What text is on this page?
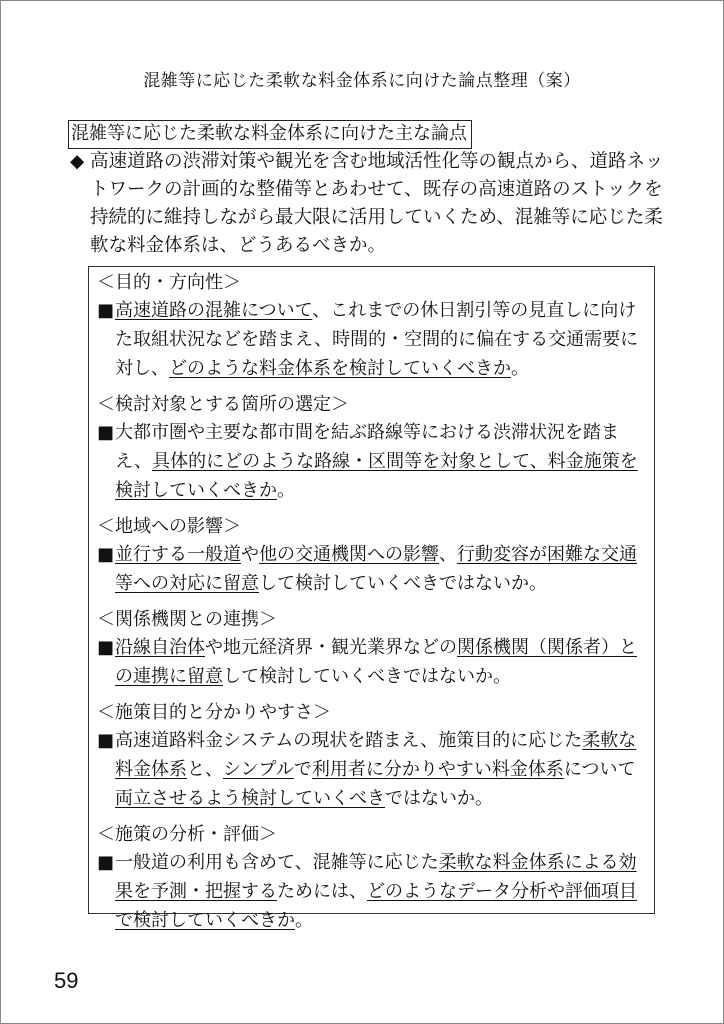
混雑等に応じた柔軟な料金体系に向けた論点整理（案）
混雑等に応じた柔軟な料金体系に向けた主な論点
◆ 高速道路の渋滞対策や観光を含む地域活性化等の観点から、道路ネットワークの計画的な整備等とあわせて、既存の高速道路のストックを持続的に維持しながら最大限に活用していくため、混雑等に応じた柔軟な料金体系は、どうあるべきか。
＜目的・方向性＞
■ 高速道路の混雑について、これまでの休日割引等の見直しに向けた取組状況などを踏まえ、時間的・空間的に偏在する交通需要に対し、どのような料金体系を検討していくべきか。
＜検討対象とする箇所の選定＞
■ 大都市圏や主要な都市間を結ぶ路線等における渋滞状況を踏まえ、具体的にどのような路線・区間等を対象として、料金施策を検討していくべきか。
＜地域への影響＞
■ 並行する一般道や他の交通機関への影響、行動変容が困難な交通等への対応に留意して検討していくべきではないか。
＜関係機関との連携＞
■ 沿線自治体や地元経済界・観光業界などの関係機関（関係者）との連携に留意して検討していくべきではないか。
＜施策目的と分かりやすさ＞
■ 高速道路料金システムの現状を踏まえ、施策目的に応じた柔軟な料金体系と、シンプルで利用者に分かりやすい料金体系について両立させるよう検討していくべきではないか。
＜施策の分析・評価＞
■ 一般道の利用も含めて、混雑等に応じた柔軟な料金体系による効果を予測・把握するためには、どのようなデータ分析や評価項目で検討していくべきか。
59
